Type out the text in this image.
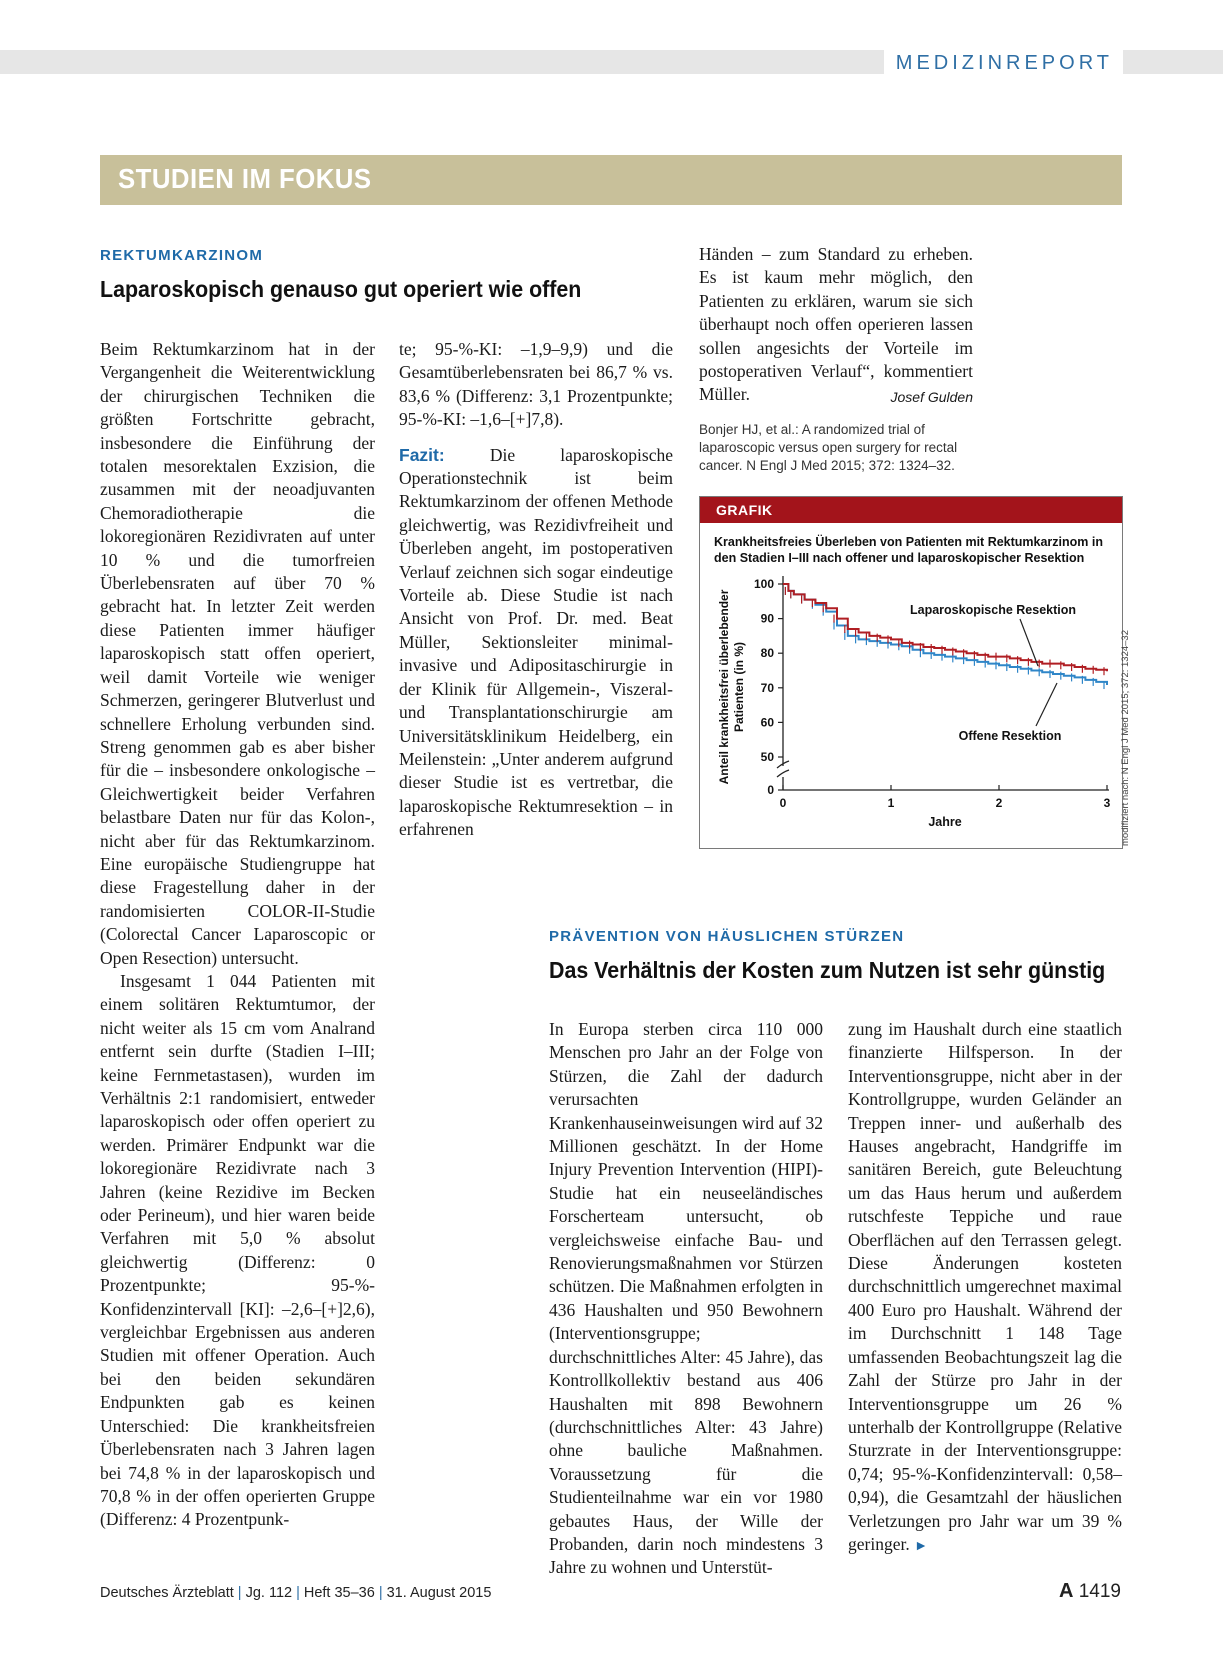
MEDIZINREPORT
STUDIEN IM FOKUS
REKTUMKARZINOM
Laparoskopisch genauso gut operiert wie offen

Beim Rektumkarzinom hat in der Vergangenheit die Weiterentwicklung der chirurgischen Techniken die größten Fortschritte gebracht, insbesondere die Einführung der totalen mesorektalen Exzision, die zusammen mit der neoadjuvanten Chemoradiotherapie die lokoregionären Rezidivraten auf unter 10 % und die tumorfreien Überlebensraten auf über 70 % gebracht hat. In letzter Zeit werden diese Patienten immer häufiger laparoskopisch statt offen operiert, weil damit Vorteile wie weniger Schmerzen, geringerer Blutverlust und schnellere Erholung verbunden sind. Streng genommen gab es aber bisher für die – insbesondere onkologische – Gleichwertigkeit beider Verfahren belastbare Daten nur für das Kolon-, nicht aber für das Rektumkarzinom. Eine europäische Studiengruppe hat diese Fragestellung daher in der randomisierten COLOR-II-Studie (Colorectal Cancer Laparoscopic or Open Resection) untersucht.

Insgesamt 1 044 Patienten mit einem solitären Rektumtumor, der nicht weiter als 15 cm vom Analrand entfernt sein durfte (Stadien I–III; keine Fernmetastasen), wurden im Verhältnis 2:1 randomisiert, entweder laparoskopisch oder offen operiert zu werden. Primärer Endpunkt war die lokoregionäre Rezidivrate nach 3 Jahren (keine Rezidive im Becken oder Perineum), und hier waren beide Verfahren mit 5,0 % absolut gleichwertig (Differenz: 0 Prozentpunkte; 95-%-Konfidenzintervall [KI]: –2,6–[+]2,6), vergleichbar Ergebnissen aus anderen Studien mit offener Operation. Auch bei den beiden sekundären Endpunkten gab es keinen Unterschied: Die krankheitsfreien Überlebensraten nach 3 Jahren lagen bei 74,8 % in der laparoskopisch und 70,8 % in der offen operierten Gruppe (Differenz: 4 Prozentpunk-

te; 95-%-KI: –1,9–9,9) und die Gesamtüberlebensraten bei 86,7 % vs. 83,6 % (Differenz: 3,1 Prozentpunkte; 95-%-KI: –1,6–[+]7,8).

Fazit: Die laparoskopische Operationstechnik ist beim Rektumkarzinom der offenen Methode gleichwertig, was Rezidivfreiheit und Überleben angeht, im postoperativen Verlauf zeichnen sich sogar eindeutige Vorteile ab. Diese Studie ist nach Ansicht von Prof. Dr. med. Beat Müller, Sektionsleiter minimal- invasive und Adipositaschirurgie in der Klinik für Allgemein-, Viszeral- und Transplantationschirurgie am Universitätsklinikum Heidelberg, ein Meilenstein: „Unter anderem aufgrund dieser Studie ist es vertretbar, die laparoskopische Rektumresektion – in erfahrenen

Händen – zum Standard zu erheben. Es ist kaum mehr möglich, den Patienten zu erklären, warum sie sich überhaupt noch offen operieren lassen sollen angesichts der Vorteile im postoperativen Verlauf“, kommentiert Müller.	Josef Gulden

Bonjer HJ, et al.: A randomized trial of laparoscopic versus open surgery for rectal cancer. N Engl J Med 2015; 372: 1324–32.
GRAFIK
Krankheitsfreies Überleben von Patienten mit Rektumkarzinom in den Stadien I–III nach offener und laparoskopischer Resektion
0
50
60
70
80
90
100
0	1	2	3
Jahre
Anteil krankheitsfrei überlebender Patienten (in %)
Laparoskopische Resektion
Offene Resektion	modifiziert nach: N Engl J Med 2015; 372: 1324–32
PRÄVENTION VON HÄUSLICHEN STÜRZEN
Das Verhältnis der Kosten zum Nutzen ist sehr günstig

In Europa sterben circa 110 000 Menschen pro Jahr an der Folge von Stürzen, die Zahl der dadurch verursachten Krankenhauseinweisungen wird auf 32 Millionen geschätzt. In der Home Injury Prevention Intervention (HIPI)-Studie hat ein neuseeländisches Forscherteam untersucht, ob vergleichsweise einfache Bau- und Renovierungsmaßnahmen vor Stürzen schützen. Die Maßnahmen erfolgten in 436 Haushalten und 950 Bewohnern (Interventionsgruppe; durchschnittliches Alter: 45 Jahre), das Kontrollkollektiv bestand aus 406 Haushalten mit 898 Bewohnern (durchschnittliches Alter: 43 Jahre) ohne bauliche Maßnahmen. Voraussetzung für die Studienteilnahme war ein vor 1980 gebautes Haus, der Wille der Probanden, darin noch mindestens 3 Jahre zu wohnen und Unterstüt-

zung im Haushalt durch eine staatlich finanzierte Hilfsperson. In der Interventionsgruppe, nicht aber in der Kontrollgruppe, wurden Geländer an Treppen inner- und außerhalb des Hauses angebracht, Handgriffe im sanitären Bereich, gute Beleuchtung um das Haus herum und außerdem rutschfeste Teppiche und raue Oberflächen auf den Terrassen gelegt. Diese Änderungen kosteten durchschnittlich umgerechnet maximal 400 Euro pro Haushalt. Während der im Durchschnitt 1 148 Tage umfassenden Beobachtungszeit lag die Zahl der Stürze pro Jahr in der Interventionsgruppe um 26 % unterhalb der Kontrollgruppe (Relative Sturzrate in der Interventionsgruppe: 0,74; 95-%-Konfidenzintervall: 0,58–0,94), die Gesamtzahl der häuslichen Verletzungen pro Jahr war um 39 % geringer. ►

Deutsches Ärzteblatt | Jg. 112 | Heft 35–36 | 31. August 2015	A 1419
